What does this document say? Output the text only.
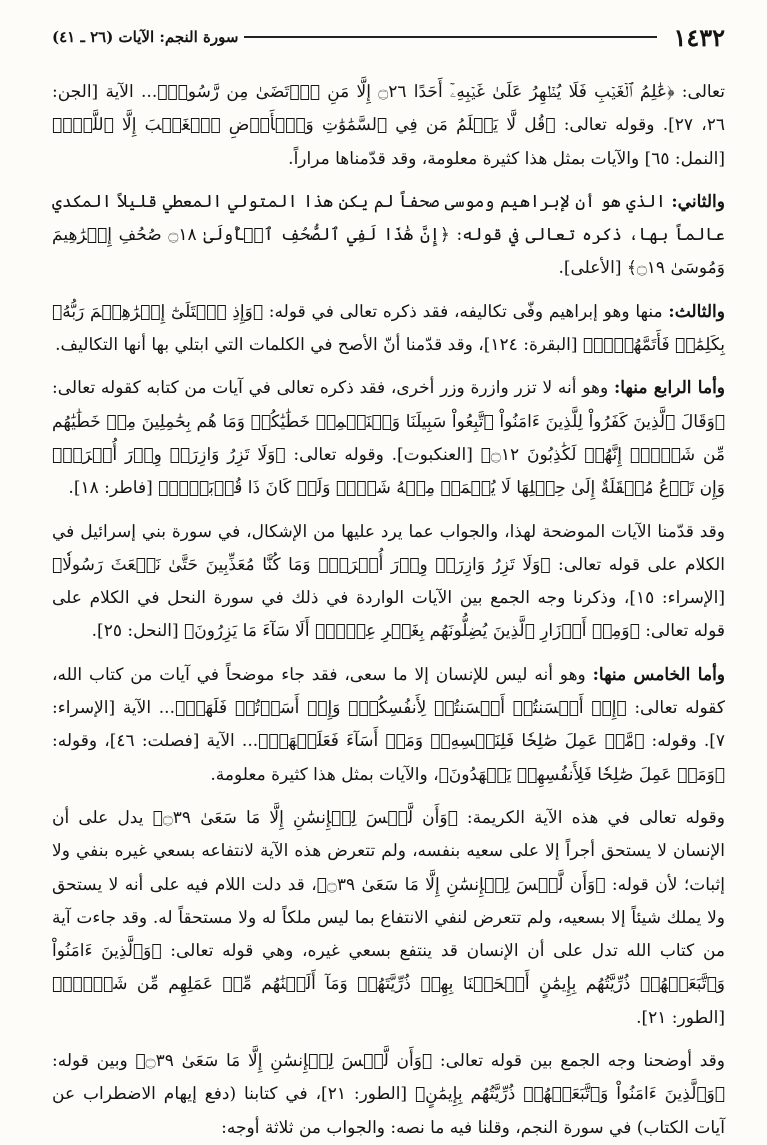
١٤٣٢
سورة النجم: الآيات (٢٦ ـ ٤١)

تعالى: ﴿عَٰلِمُ ٱلۡغَيۡبِ فَلَا يُظۡهِرُ عَلَىٰ غَيۡبِهِۦٓ أَحَدًا ۝٢٦ إِلَّا مَنِ ٱرۡتَضَىٰ مِن رَّسُولٖ﴾... الآية [الجن: ٢٦، ٢٧]. وقوله تعالى: ﴿قُل لَّا يَعۡلَمُ مَن فِي ٱلسَّمَٰوَٰتِ وَٱلۡأَرۡضِ ٱلۡغَيۡبَ إِلَّا ٱللَّهُۚ﴾ [النمل: ٦٥] والآيات بمثل هذا كثيرة معلومة، وقد قدّمناها مراراً.

والثاني: الذي هو أن لإبراهيم وموسى صحفاً لم يكن هذا المتولي المعطي قليلاً المكدي عالماً بها، ذكره تعالى في قوله: ﴿إِنَّ هَٰذَا لَفِي ٱلصُّحُفِ ٱلۡأُولَىٰ ۝١٨ صُحُفِ إِبۡرَٰهِيمَ وَمُوسَىٰ ۝١٩﴾ [الأعلى].

والثالث: منها وهو إبراهيم وفّى تكاليفه، فقد ذكره تعالى في قوله: ﴿وَإِذِ ٱبۡتَلَىٰٓ إِبۡرَٰهِـۧمَ رَبُّهُۥ بِكَلِمَٰتٖ فَأَتَمَّهُنَّۖ﴾ [البقرة: ١٢٤]، وقد قدّمنا أنّ الأصح في الكلمات التي ابتلي بها أنها التكاليف.

وأما الرابع منها: وهو أنه لا تزر وازرة وزر أخرى، فقد ذكره تعالى في آيات من كتابه كقوله تعالى: ﴿وَقَالَ ٱلَّذِينَ كَفَرُواْ لِلَّذِينَ ءَامَنُواْ ٱتَّبِعُواْ سَبِيلَنَا وَلۡنَحۡمِلۡ خَطَٰيَٰكُمۡ وَمَا هُم بِحَٰمِلِينَ مِنۡ خَطَٰيَٰهُم مِّن شَيۡءٍۖ إِنَّهُمۡ لَكَٰذِبُونَ ۝١٢﴾ [العنكبوت]. وقوله تعالى: ﴿وَلَا تَزِرُ وَازِرَةٞ وِزۡرَ أُخۡرَىٰۚ وَإِن تَدۡعُ مُثۡقَلَةٌ إِلَىٰ حِمۡلِهَا لَا يُحۡمَلۡ مِنۡهُ شَيۡءٞ وَلَوۡ كَانَ ذَا قُرۡبَىٰٓۗ﴾ [فاطر: ١٨].

وقد قدّمنا الآيات الموضحة لهذا، والجواب عما يرد عليها من الإشكال، في سورة بني إسرائيل في الكلام على قوله تعالى: ﴿وَلَا تَزِرُ وَازِرَةٞ وِزۡرَ أُخۡرَىٰۗ وَمَا كُنَّا مُعَذِّبِينَ حَتَّىٰ نَبۡعَثَ رَسُولٗا﴾ [الإسراء: ١٥]، وذكرنا وجه الجمع بين الآيات الواردة في ذلك في سورة النحل في الكلام على قوله تعالى: ﴿وَمِنۡ أَوۡزَارِ ٱلَّذِينَ يُضِلُّونَهُم بِغَيۡرِ عِلۡمٍۗ أَلَا سَآءَ مَا يَزِرُونَ﴾ [النحل: ٢٥].

وأما الخامس منها: وهو أنه ليس للإنسان إلا ما سعى، فقد جاء موضحاً في آيات من كتاب الله، كقوله تعالى: ﴿إِنۡ أَحۡسَنتُمۡ أَحۡسَنتُمۡ لِأَنفُسِكُمۡۖ وَإِنۡ أَسَأۡتُمۡ فَلَهَاۚ﴾... الآية [الإسراء: ٧]. وقوله: ﴿مَّنۡ عَمِلَ صَٰلِحٗا فَلِنَفۡسِهِۦۖ وَمَنۡ أَسَآءَ فَعَلَيۡهَاۗ﴾... الآية [فصلت: ٤٦]، وقوله: ﴿وَمَنۡ عَمِلَ صَٰلِحٗا فَلِأَنفُسِهِمۡ يَمۡهَدُونَ﴾، والآيات بمثل هذا كثيرة معلومة.

وقوله تعالى في هذه الآية الكريمة: ﴿وَأَن لَّيۡسَ لِلۡإِنسَٰنِ إِلَّا مَا سَعَىٰ ۝٣٩﴾ يدل على أن الإنسان لا يستحق أجراً إلا على سعيه بنفسه، ولم تتعرض هذه الآية لانتفاعه بسعي غيره بنفي ولا إثبات؛ لأن قوله: ﴿وَأَن لَّيۡسَ لِلۡإِنسَٰنِ إِلَّا مَا سَعَىٰ ۝٣٩﴾، قد دلت اللام فيه على أنه لا يستحق ولا يملك شيئاً إلا بسعيه، ولم تتعرض لنفي الانتفاع بما ليس ملكاً له ولا مستحقاً له. وقد جاءت آية من كتاب الله تدل على أن الإنسان قد ينتفع بسعي غيره، وهي قوله تعالى: ﴿وَٱلَّذِينَ ءَامَنُواْ وَٱتَّبَعَتۡهُمۡ ذُرِّيَّتُهُم بِإِيمَٰنٍ أَلۡحَقۡنَا بِهِمۡ ذُرِّيَّتَهُمۡ وَمَآ أَلَتۡنَٰهُم مِّنۡ عَمَلِهِم مِّن شَيۡءٖۚ﴾ [الطور: ٢١].

وقد أوضحنا وجه الجمع بين قوله تعالى: ﴿وَأَن لَّيۡسَ لِلۡإِنسَٰنِ إِلَّا مَا سَعَىٰ ۝٣٩﴾ وبين قوله: ﴿وَٱلَّذِينَ ءَامَنُواْ وَٱتَّبَعَتۡهُمۡ ذُرِّيَّتُهُم بِإِيمَٰنٍ﴾ [الطور: ٢١]، في كتابنا (دفع إيهام الاضطراب عن آيات الكتاب) في سورة النجم، وقلنا فيه ما نصه: والجواب من ثلاثة أوجه:
